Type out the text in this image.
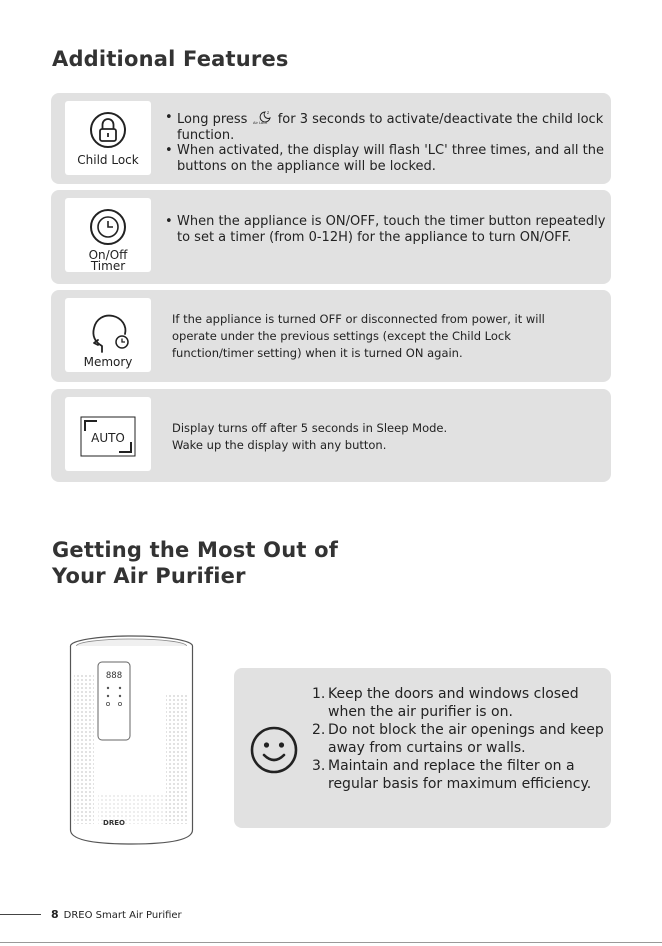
Additional Features
Child Lock
• Long press	z
Air Lock for 3 seconds to activate/deactivate the child lock function.
• When activated, the display will flash 'LC' three times, and all the buttons on the appliance will be locked.
On/Off
Timer
• When the appliance is ON/OFF, touch the timer button repeatedly to set a timer (from 0-12H) for the appliance to turn ON/OFF.
Memory

If the appliance is turned OFF or disconnected from power, it will operate under the previous settings (except the Child Lock function/timer setting) when it is turned ON again.

AUTO

Display turns off after 5 seconds in Sleep Mode.
Wake up the display with any button.

Getting the Most Out of
Your Air Purifier
888
DREO
1. Keep the doors and windows closed when the air purifier is on.
2. Do not block the air openings and keep away from curtains or walls.
3. Maintain and replace the filter on a regular basis for maximum efficiency.
8 DREO Smart Air Purifier
